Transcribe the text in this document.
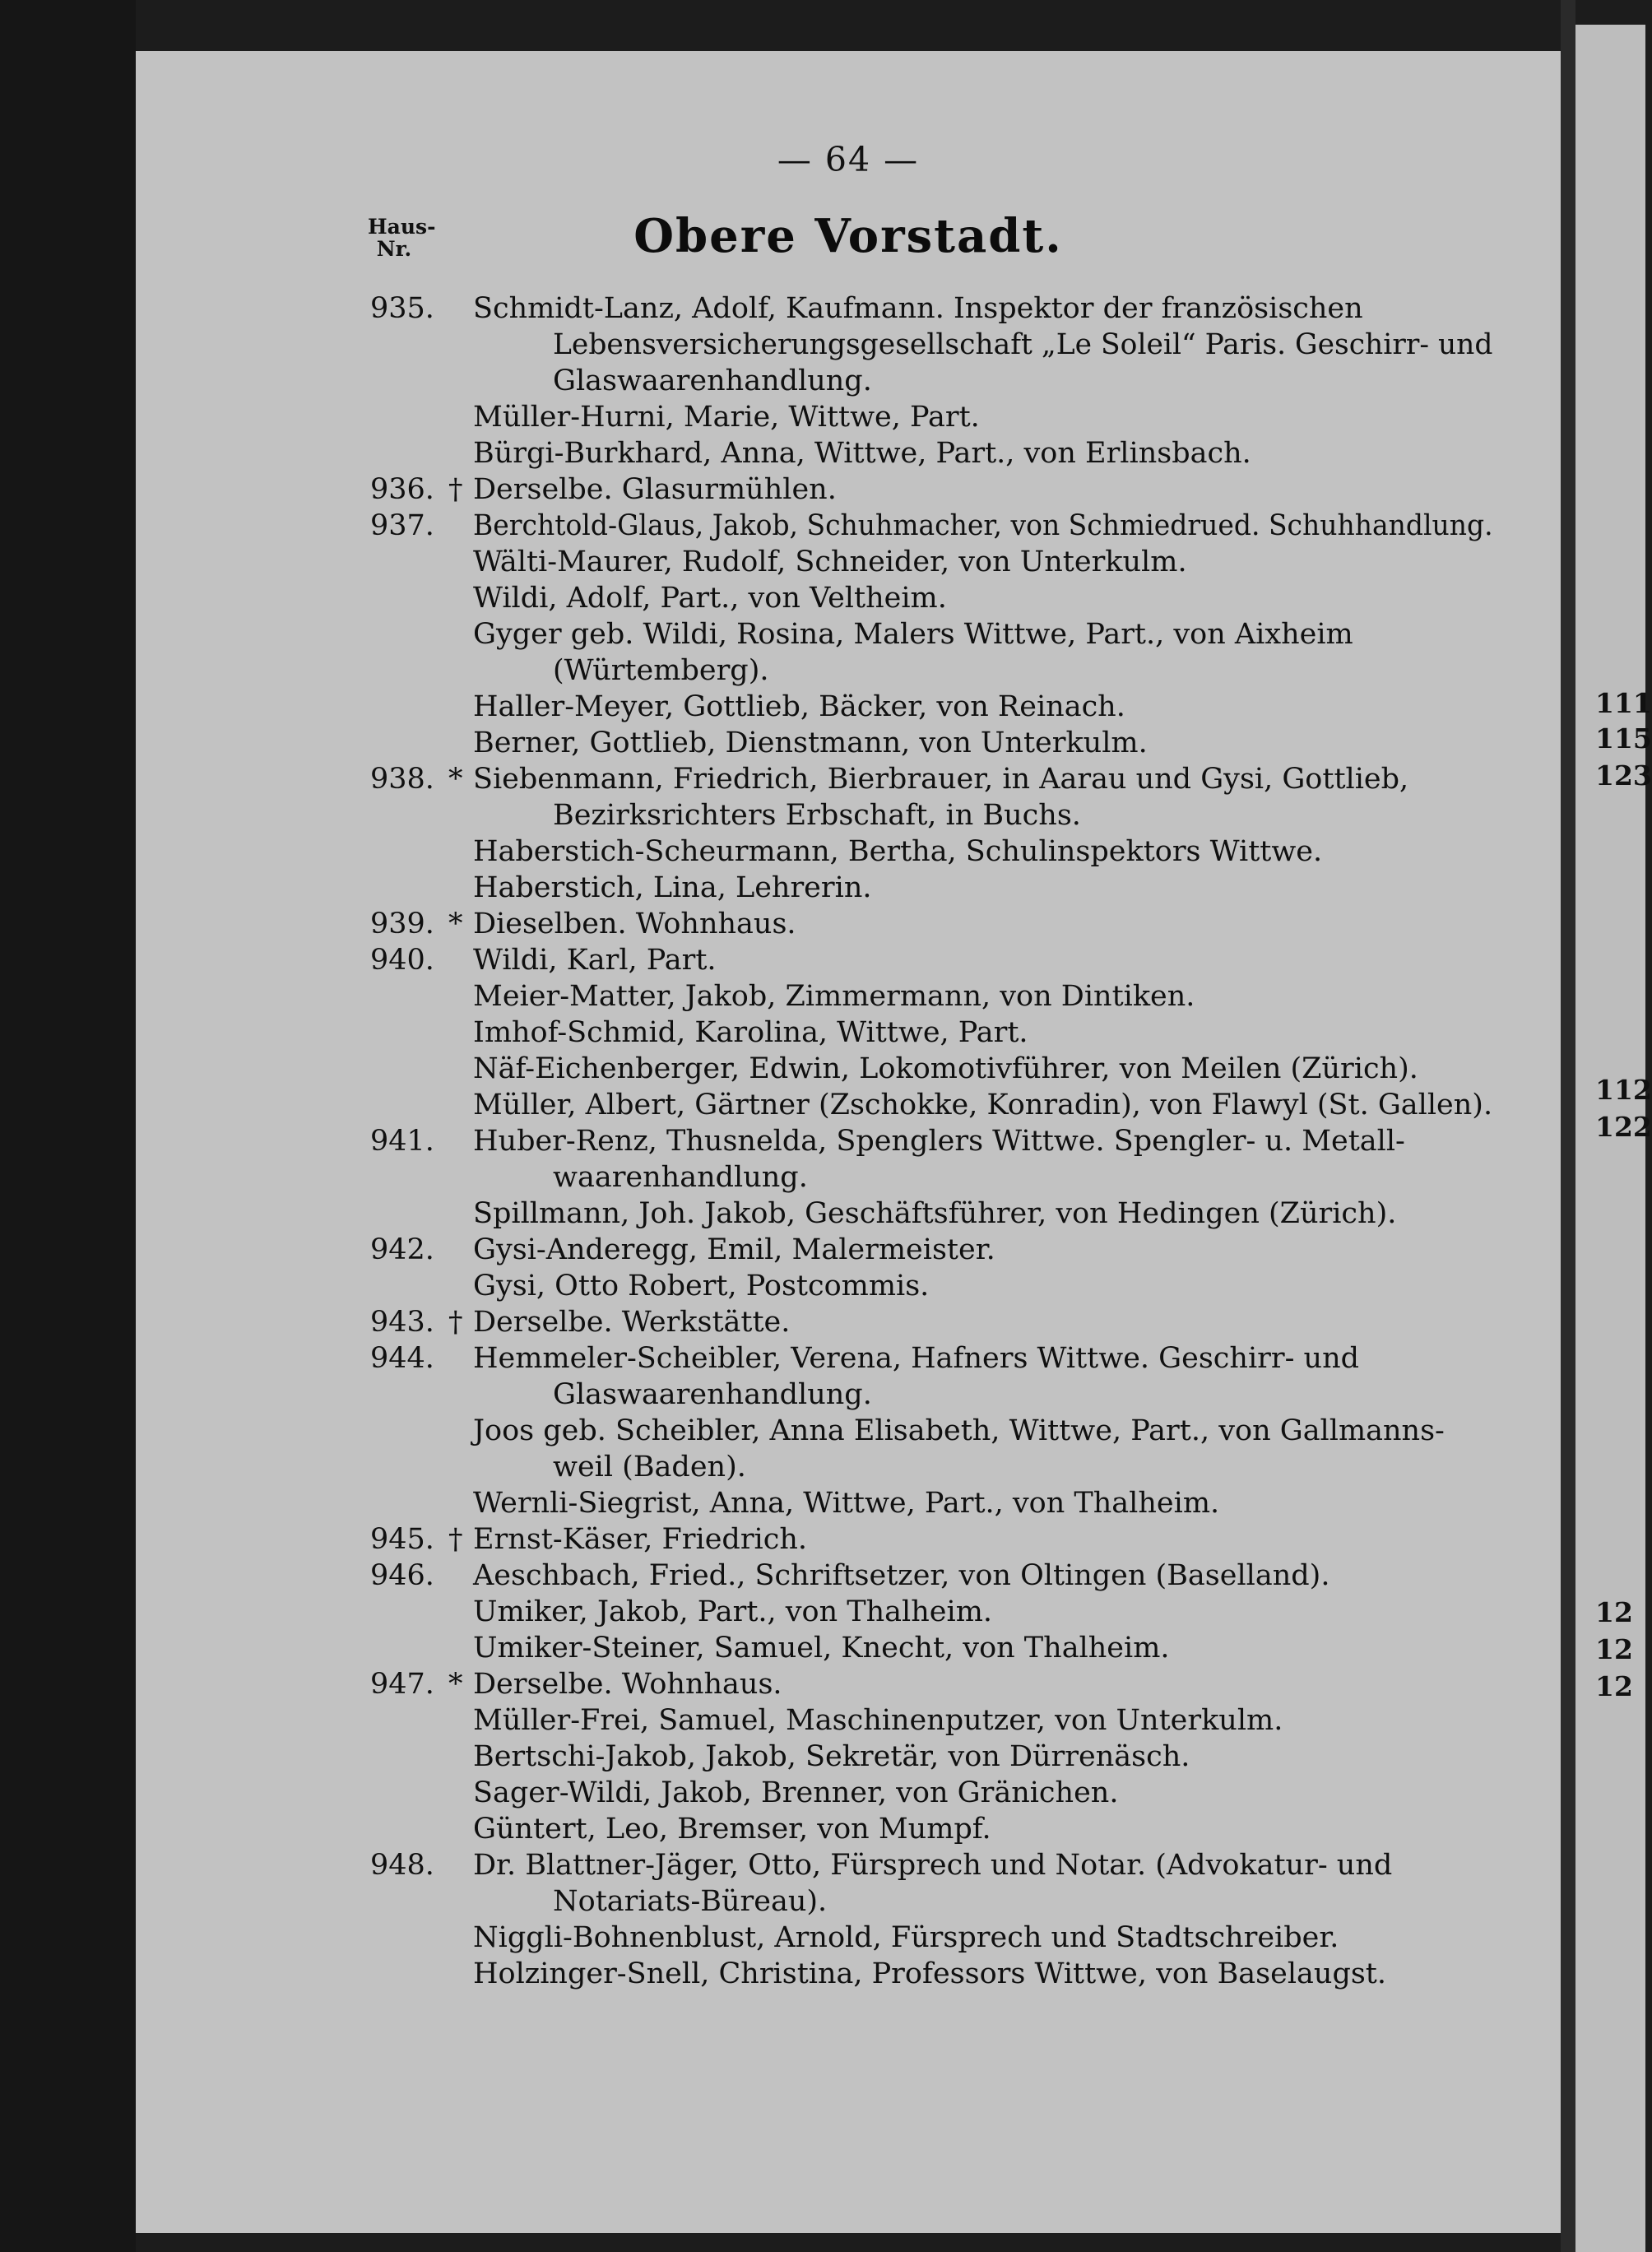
— 64 —
Haus-
Nr.	Obere Vorstadt.
935. Schmidt-Lanz, Adolf, Kaufmann. Inspektor der französischen
Lebensversicherungsgesellschaft „Le Soleil“ Paris. Geschirr- und
Glaswaarenhandlung.
Müller-Hurni, Marie, Wittwe, Part.
Bürgi-Burkhard, Anna, Wittwe, Part., von Erlinsbach.
936. † Derselbe. Glasurmühlen.
937. Berchtold-Glaus, Jakob, Schuhmacher, von Schmiedrued. Schuhhandlung.
Wälti-Maurer, Rudolf, Schneider, von Unterkulm.
Wildi, Adolf, Part., von Veltheim.
Gyger geb. Wildi, Rosina, Malers Wittwe, Part., von Aixheim
(Würtemberg).
Haller-Meyer, Gottlieb, Bäcker, von Reinach.
Berner, Gottlieb, Dienstmann, von Unterkulm.
938. * Siebenmann, Friedrich, Bierbrauer, in Aarau und Gysi, Gottlieb,
Bezirksrichters Erbschaft, in Buchs.
Haberstich-Scheurmann, Bertha, Schulinspektors Wittwe.
Haberstich, Lina, Lehrerin.
939. * Dieselben. Wohnhaus.
940. Wildi, Karl, Part.
Meier-Matter, Jakob, Zimmermann, von Dintiken.
Imhof-Schmid, Karolina, Wittwe, Part.
Näf-Eichenberger, Edwin, Lokomotivführer, von Meilen (Zürich).
Müller, Albert, Gärtner (Zschokke, Konradin), von Flawyl (St. Gallen).
941. Huber-Renz, Thusnelda, Spenglers Wittwe. Spengler- u. Metall-
waarenhandlung.
Spillmann, Joh. Jakob, Geschäftsführer, von Hedingen (Zürich).
942. Gysi-Anderegg, Emil, Malermeister.
Gysi, Otto Robert, Postcommis.
943. † Derselbe. Werkstätte.
944. Hemmeler-Scheibler, Verena, Hafners Wittwe. Geschirr- und
Glaswaarenhandlung.
Joos geb. Scheibler, Anna Elisabeth, Wittwe, Part., von Gallmanns-
weil (Baden).
Wernli-Siegrist, Anna, Wittwe, Part., von Thalheim.
945. † Ernst-Käser, Friedrich.
946. Aeschbach, Fried., Schriftsetzer, von Oltingen (Baselland).
Umiker, Jakob, Part., von Thalheim.
Umiker-Steiner, Samuel, Knecht, von Thalheim.
947. * Derselbe. Wohnhaus.
Müller-Frei, Samuel, Maschinenputzer, von Unterkulm.
Bertschi-Jakob, Jakob, Sekretär, von Dürrenäsch.
Sager-Wildi, Jakob, Brenner, von Gränichen.
Güntert, Leo, Bremser, von Mumpf.
948. Dr. Blattner-Jäger, Otto, Fürsprech und Notar. (Advokatur- und
Notariats-Büreau).
Niggli-Bohnenblust, Arnold, Fürsprech und Stadtschreiber.
Holzinger-Snell, Christina, Professors Wittwe, von Baselaugst.
111
115
123
112
122
12
12
12
